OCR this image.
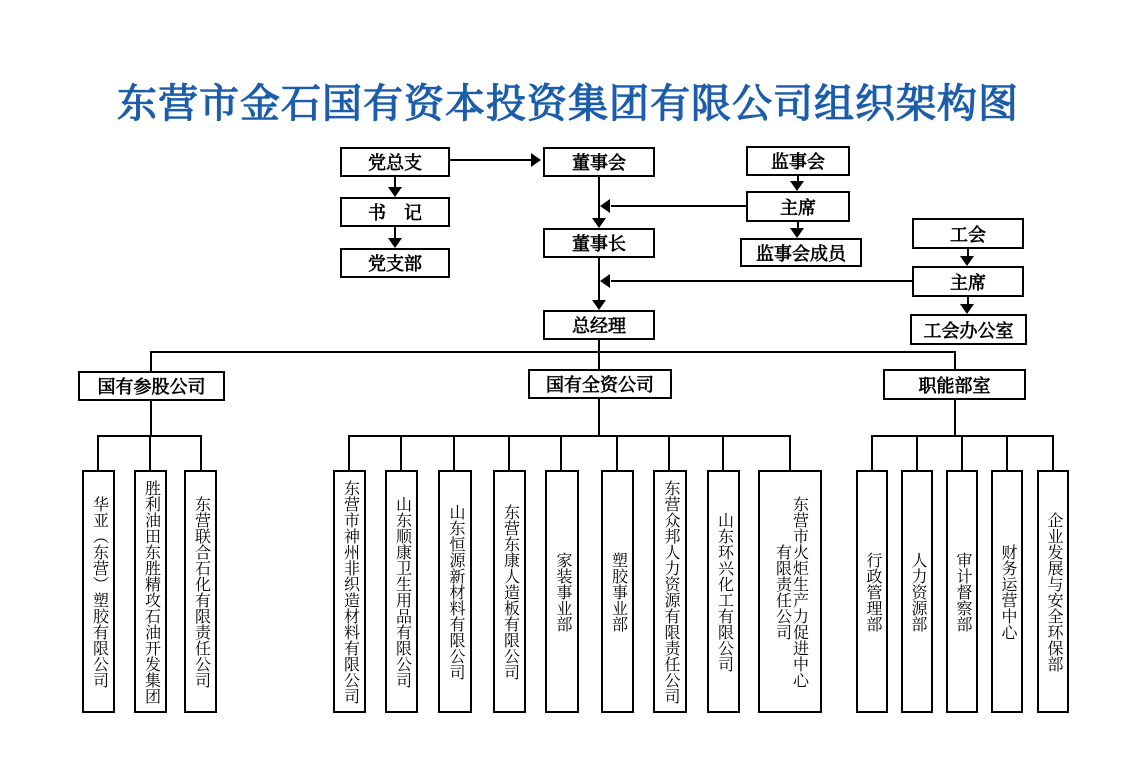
东营市金石国有资本投资集团有限公司组织架构图
党总支
书　记
党支部
董事会
董事长
总经理
监事会
主席
监事会成员
工会
主席
工会办公室
国有参股公司	国有全资公司	职能部室
华亚（东营）塑胶有限公司 胜利油田东胜精攻石油开发集团 东营联合石化有限责任公司	东营市神州非织造材料有限公司 山东顺康卫生用品有限公司 山东恒源新材料有限公司 东营东康人造板有限公司 家装事业部 塑胶事业部 东营众邦人力资源有限责任公司 山东环兴化工有限公司	东营市火炬生产力促进中心
有限责任公司	行政管理部 人力资源部 审计督察部 财务运营中心 企业发展与安全环保部
